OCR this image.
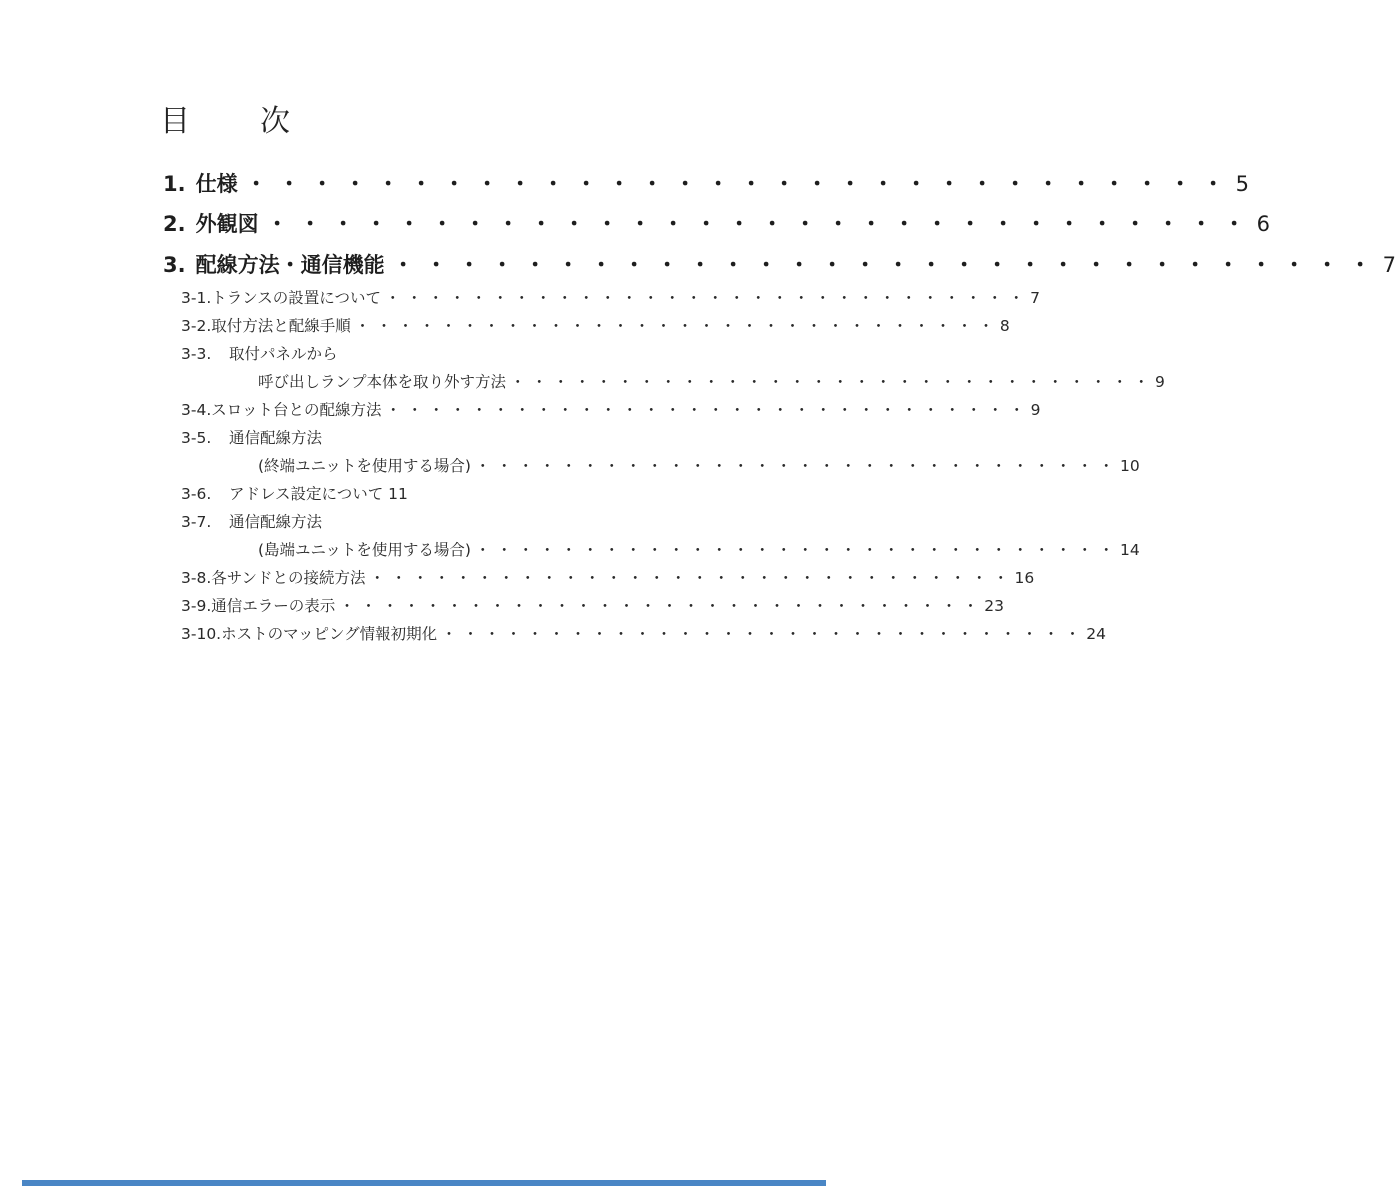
目　次
1. 仕様 ・・・・・・・・・・・・・・・・・・・・・・・・・・・・・・ 5
2. 外観図 ・・・・・・・・・・・・・・・・・・・・・・・・・・・・・・ 6
3. 配線方法・通信機能 ・・・・・・・・・・・・・・・・・・・・・・・・・・・・・・ 7
3-1. トランスの設置について ・・・・・・・・・・・・・・・・・・・・・・・・・・・・・・ 7
3-2. 取付方法と配線手順 ・・・・・・・・・・・・・・・・・・・・・・・・・・・・・・ 8
3-3.	取付パネルから
呼び出しランプ本体を取り外す方法 ・・・・・・・・・・・・・・・・・・・・・・・・・・・・・・ 9
3-4. スロット台との配線方法 ・・・・・・・・・・・・・・・・・・・・・・・・・・・・・・ 9
3-5.	通信配線方法
(終端ユニットを使用する場合) ・・・・・・・・・・・・・・・・・・・・・・・・・・・・・・ 10
3-6.	アドレス設定について 11
3-7.	通信配線方法
(島端ユニットを使用する場合) ・・・・・・・・・・・・・・・・・・・・・・・・・・・・・・ 14
3-8. 各サンドとの接続方法 ・・・・・・・・・・・・・・・・・・・・・・・・・・・・・・ 16
3-9. 通信エラーの表示 ・・・・・・・・・・・・・・・・・・・・・・・・・・・・・・ 23
3-10. ホストのマッピング情報初期化 ・・・・・・・・・・・・・・・・・・・・・・・・・・・・・・ 24
